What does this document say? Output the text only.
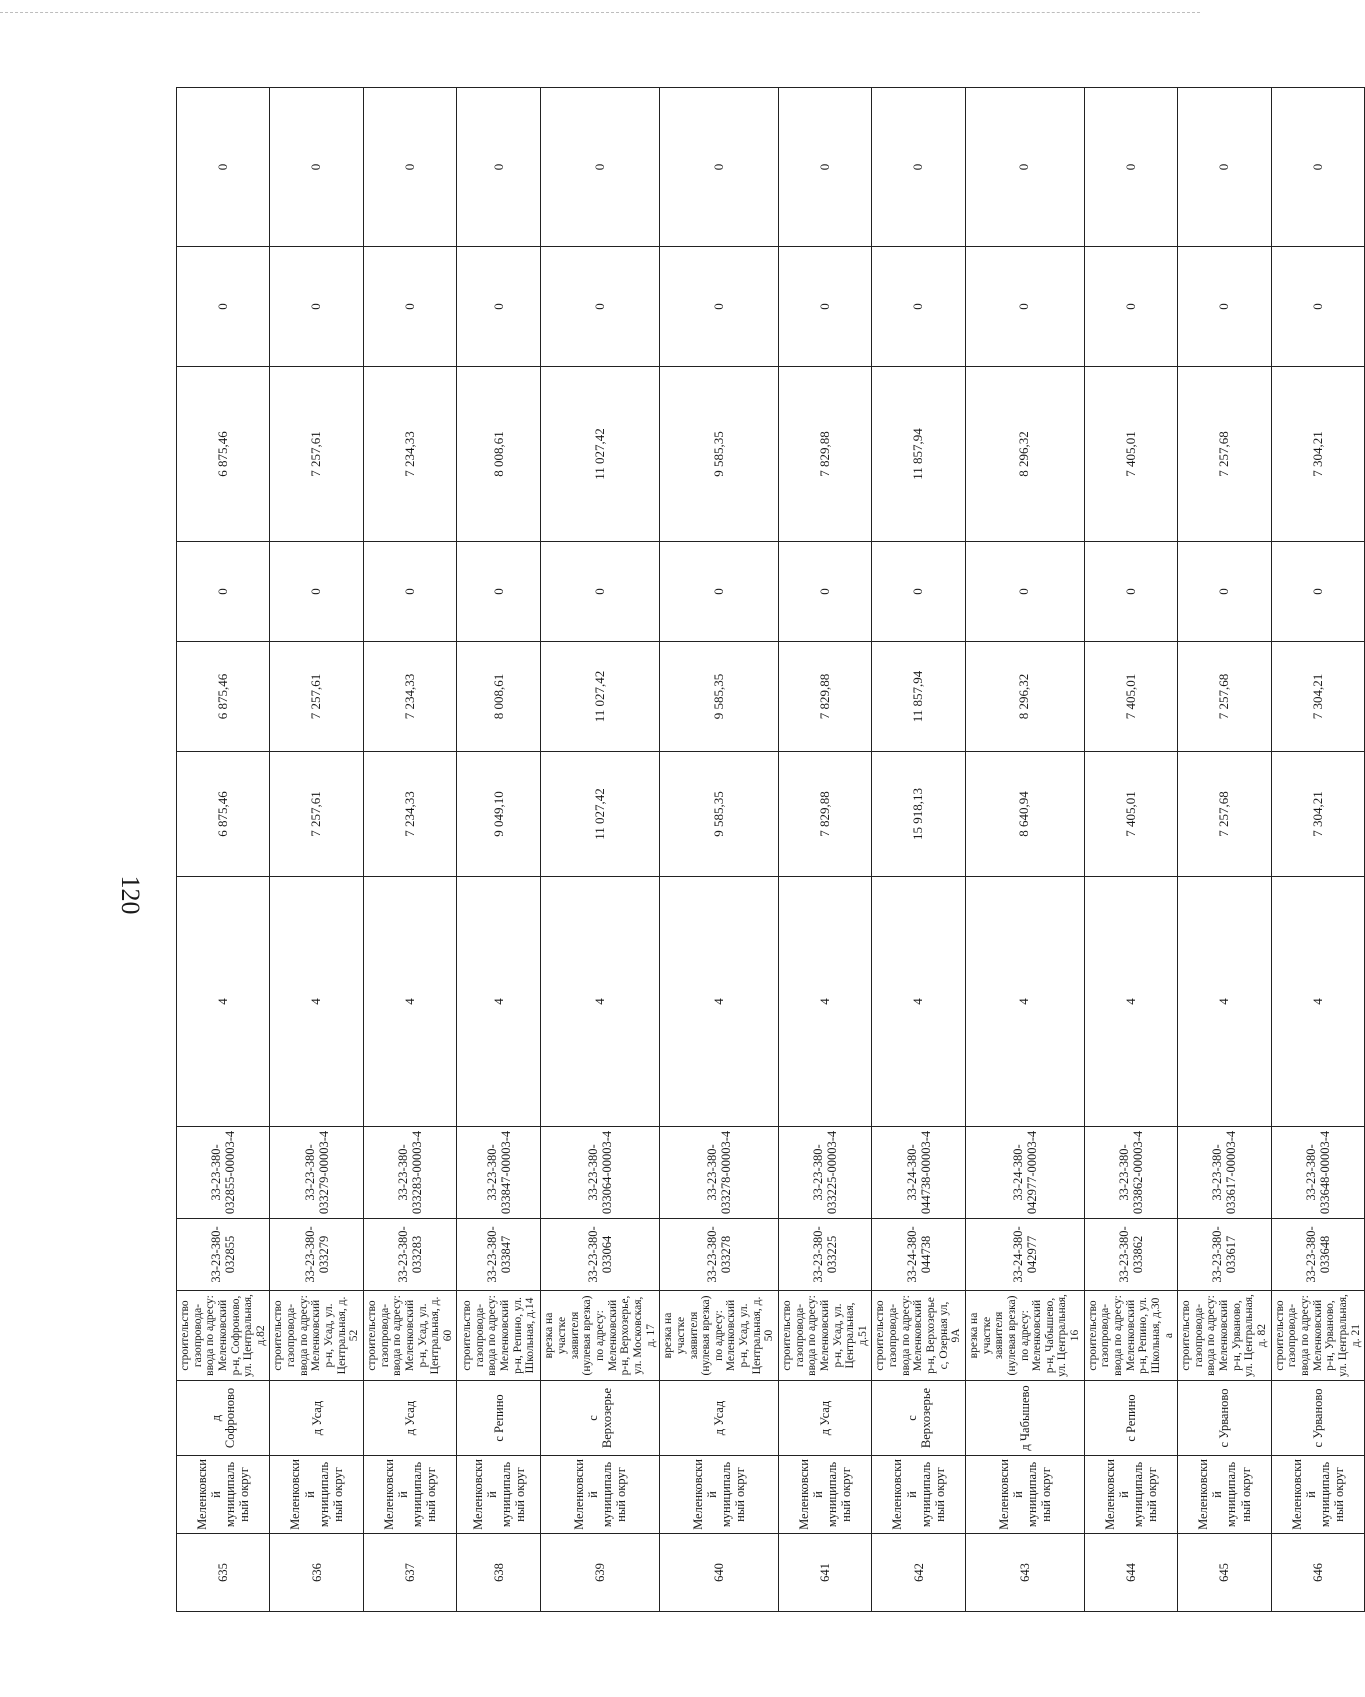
120
635	Меленковский муниципальный округ	д Софроново	строительство газопровода-ввода по адресу: Меленковский р-н, Софроново, ул. Центральная, д.82	33-23-380-032855	33-23-380-032855-00003-4	4	6 875,46	6 875,46	0	6 875,46	0	0
636	Меленковский муниципальный округ	д Усад	строительство газопровода-ввода по адресу: Меленковский р-н, Усад, ул. Центральная, д. 52	33-23-380-033279	33-23-380-033279-00003-4	4	7 257,61	7 257,61	0	7 257,61	0	0
637	Меленковский муниципальный округ	д Усад	строительство газопровода-ввода по адресу: Меленковский р-н, Усад, ул. Центральная, д. 60	33-23-380-033283	33-23-380-033283-00003-4	4	7 234,33	7 234,33	0	7 234,33	0	0
638	Меленковский муниципальный округ	с Репино	строительство газопровода-ввода по адресу: Меленковский р-н, Репино, ул. Школьная, д.14	33-23-380-033847	33-23-380-033847-00003-4	4	9 049,10	8 008,61	0	8 008,61	0	0
639	Меленковский муниципальный округ	с Верхозерье	врезка на участке заявителя (нулевая врезка) по адресу: Меленковский р-н, Верхозерье, ул. Московская, д. 17	33-23-380-033064	33-23-380-033064-00003-4	4	11 027,42	11 027,42	0	11 027,42	0	0
640	Меленковский муниципальный округ	д Усад	врезка на участке заявителя (нулевая врезка) по адресу: Меленковский р-н, Усад, ул. Центральная, д. 50	33-23-380-033278	33-23-380-033278-00003-4	4	9 585,35	9 585,35	0	9 585,35	0	0
641	Меленковский муниципальный округ	д Усад	строительство газопровода-ввода по адресу: Меленковский р-н, Усад, ул. Центральная, д.51	33-23-380-033225	33-23-380-033225-00003-4	4	7 829,88	7 829,88	0	7 829,88	0	0
642	Меленковский муниципальный округ	с Верхозерье	строительство газопровода-ввода по адресу: Меленковский р-н, Верхозерье с, Озерная ул, 9А	33-24-380-044738	33-24-380-044738-00003-4	4	15 918,13	11 857,94	0	11 857,94	0	0
643	Меленковский муниципальный округ	д Чабышево	врезка на участке заявителя (нулевая врезка) по адресу: Меленковский р-н, Чабышево, ул. Центральная, 16	33-24-380-042977	33-24-380-042977-00003-4	4	8 640,94	8 296,32	0	8 296,32	0	0
644	Меленковский муниципальный округ	с Репино	строительство газопровода-ввода по адресу: Меленковский р-н, Репино, ул. Школьная, д.30 а	33-23-380-033862	33-23-380-033862-00003-4	4	7 405,01	7 405,01	0	7 405,01	0	0
645	Меленковский муниципальный округ	с Урваново	строительство газопровода-ввода по адресу: Меленковский р-н, Урваново, ул. Центральная, д. 82	33-23-380-033617	33-23-380-033617-00003-4	4	7 257,68	7 257,68	0	7 257,68	0	0
646	Меленковский муниципальный округ	с Урваново	строительство газопровода-ввода по адресу: Меленковский р-н, Урваново, ул. Центральная, д. 21	33-23-380-033648	33-23-380-033648-00003-4	4	7 304,21	7 304,21	0	7 304,21	0	0
